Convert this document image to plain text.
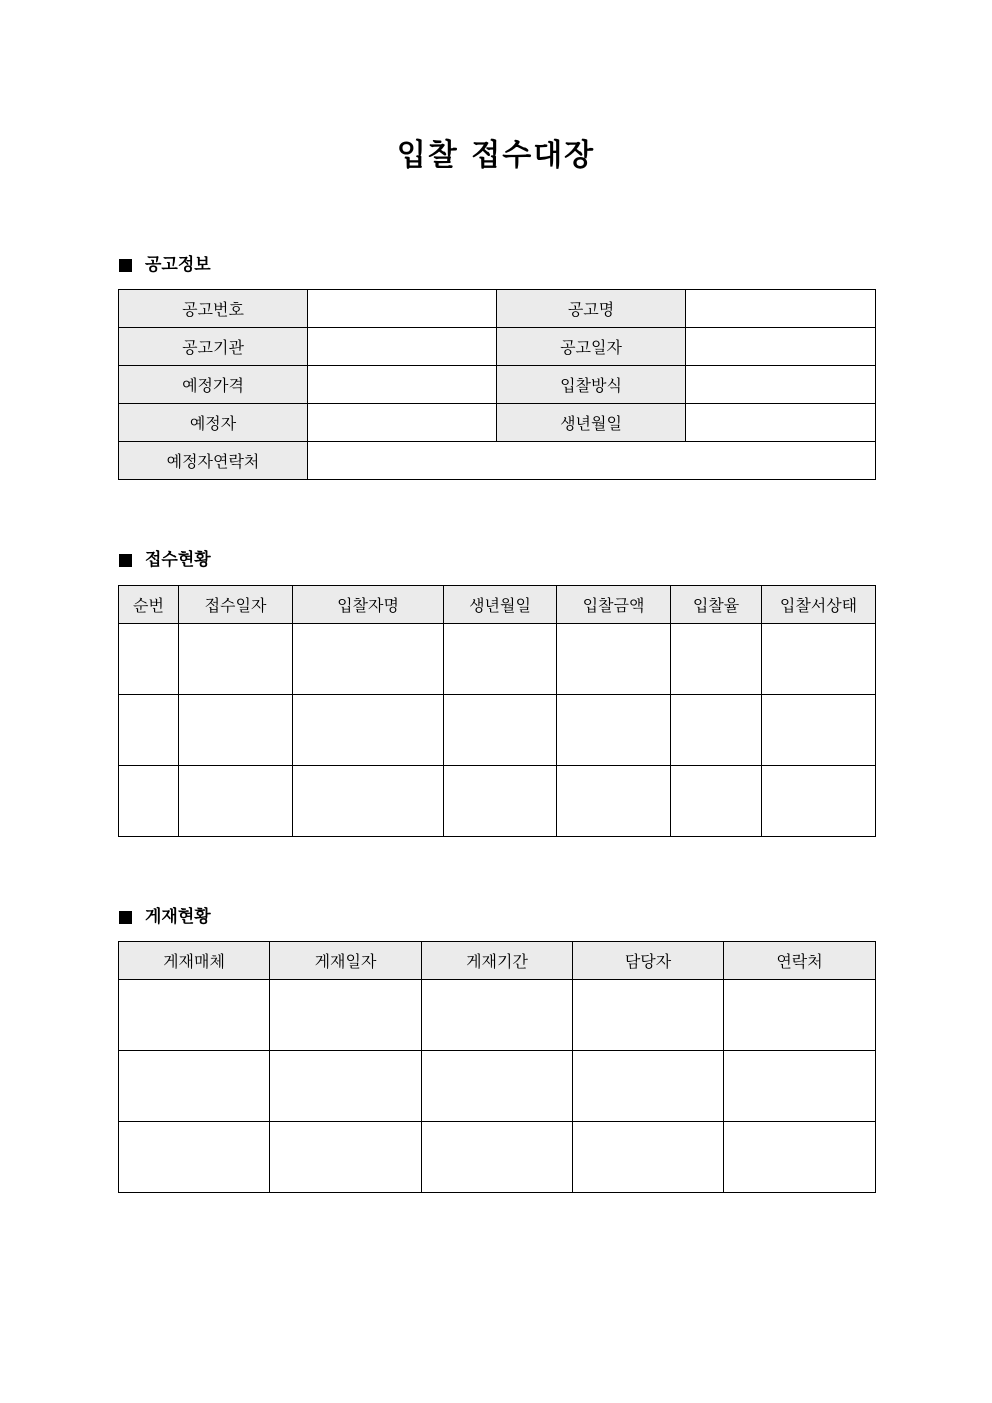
입찰 접수대장
공고정보
공고번호		공고명	
공고기관		공고일자	
예정가격		입찰방식	
예정자		생년월일	
예정자연락처			
접수현황
순번	접수일자	입찰자명	생년월일	입찰금액	입찰율	입찰서상태

게재현황
게재매체	게재일자	게재기간	담당자	연락처
